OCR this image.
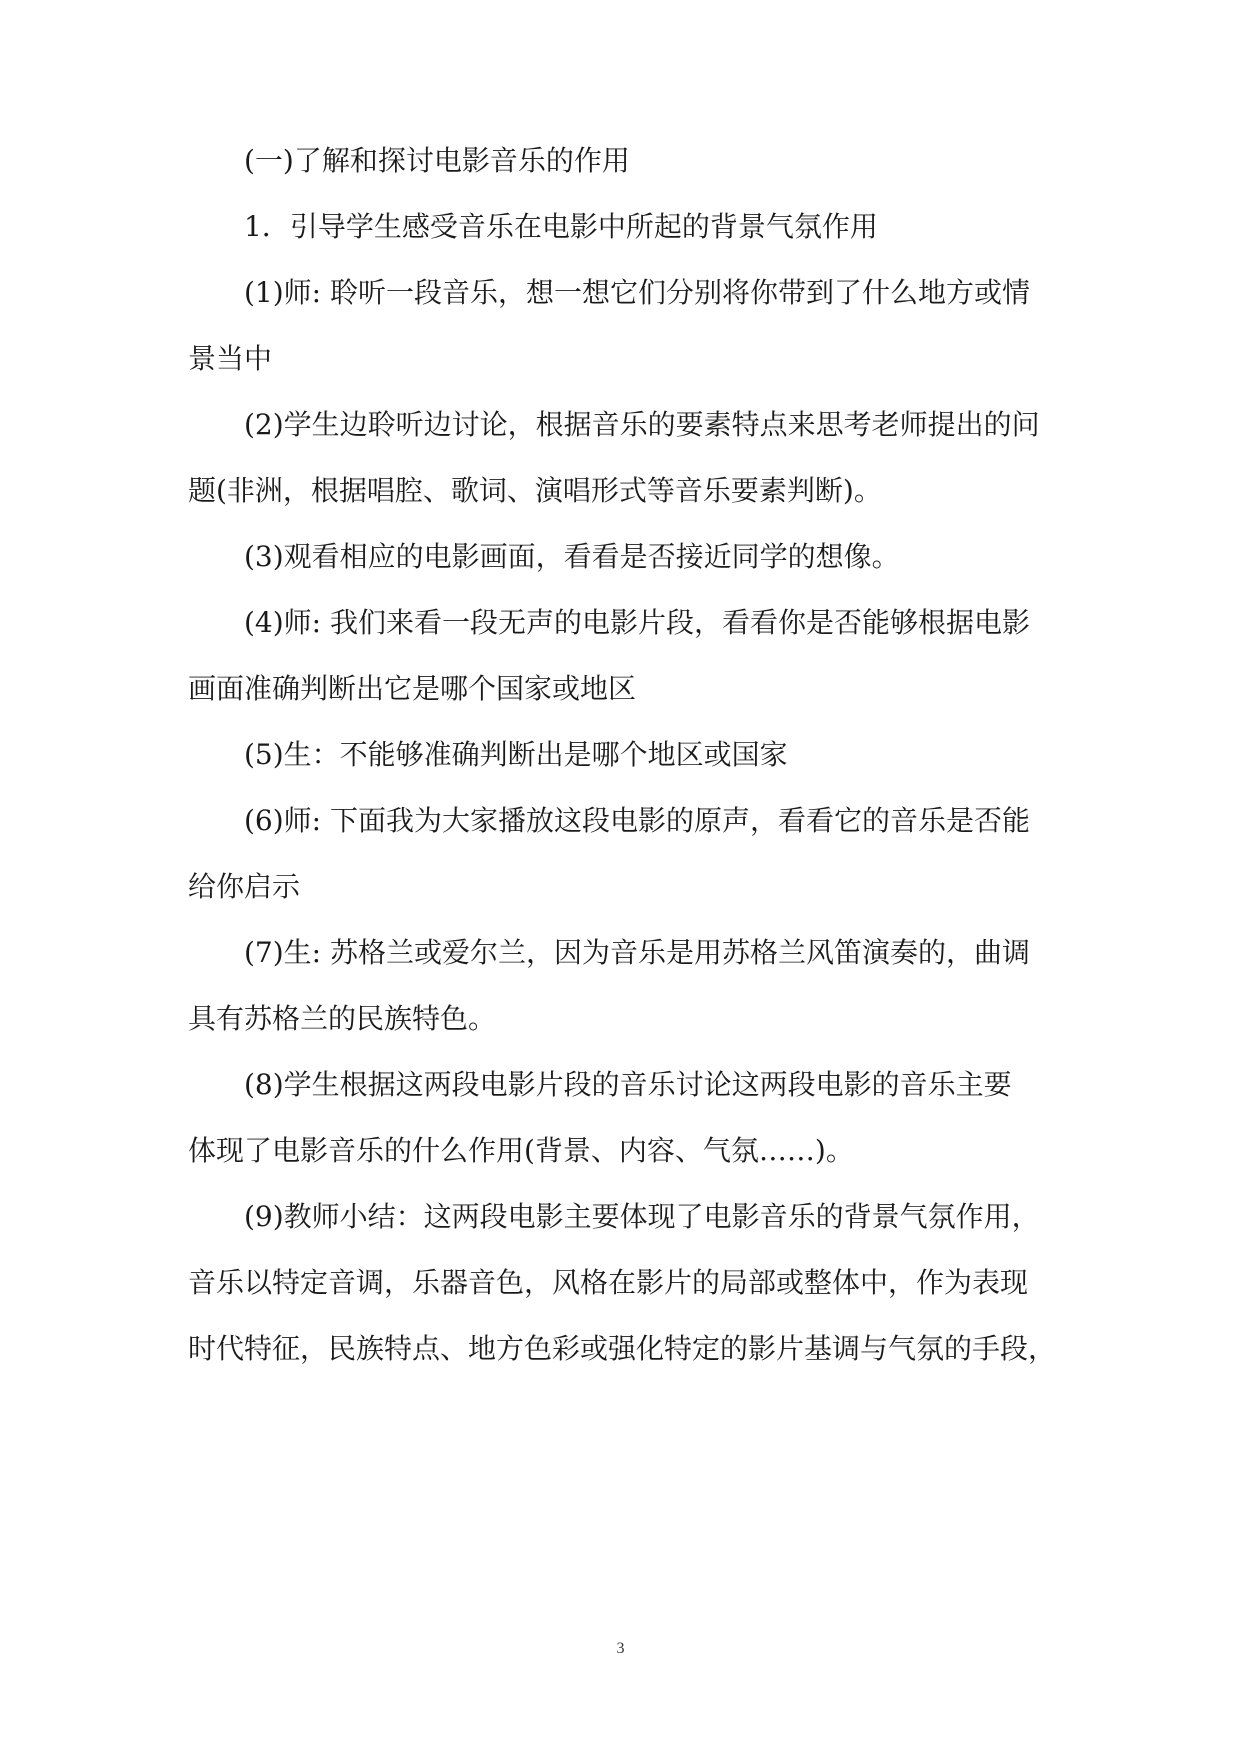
(一)了解和探讨电影音乐的作用
1．引导学生感受音乐在电影中所起的背景气氛作用
(1)师: 聆听一段音乐，想一想它们分别将你带到了什么地方或情
景当中
(2)学生边聆听边讨论，根据音乐的要素特点来思考老师提出的问
题(非洲，根据唱腔、歌词、演唱形式等音乐要素判断)。
(3)观看相应的电影画面，看看是否接近同学的想像。
(4)师: 我们来看一段无声的电影片段，看看你是否能够根据电影
画面准确判断出它是哪个国家或地区
(5)生：不能够准确判断出是哪个地区或国家
(6)师: 下面我为大家播放这段电影的原声，看看它的音乐是否能
给你启示
(7)生: 苏格兰或爱尔兰，因为音乐是用苏格兰风笛演奏的，曲调
具有苏格兰的民族特色。
(8)学生根据这两段电影片段的音乐讨论这两段电影的音乐主要
体现了电影音乐的什么作用(背景、内容、气氛……)。
(9)教师小结：这两段电影主要体现了电影音乐的背景气氛作用，
音乐以特定音调，乐器音色，风格在影片的局部或整体中，作为表现
时代特征，民族特点、地方色彩或强化特定的影片基调与气氛的手段，
3
